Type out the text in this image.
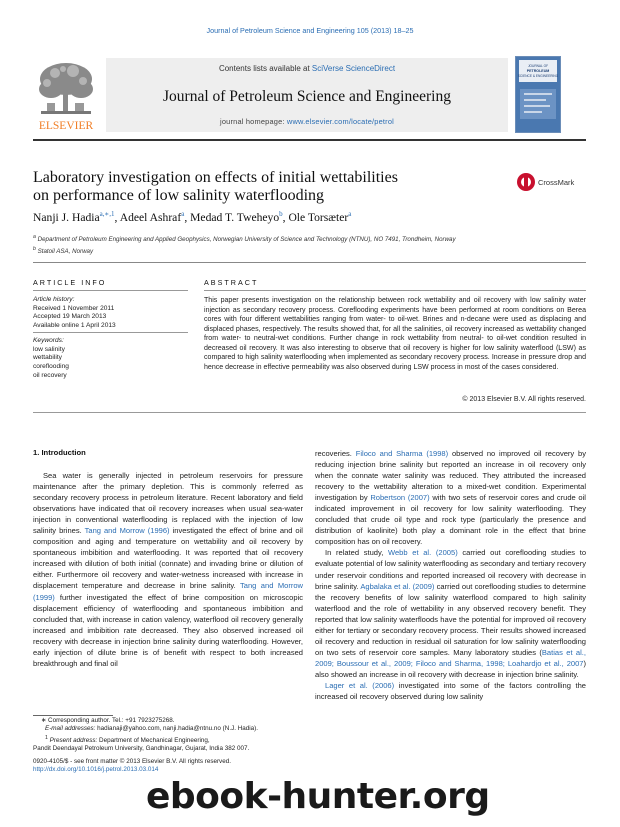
Journal of Petroleum Science and Engineering 105 (2013) 18–25
ELSEVIER
Contents lists available at SciVerse ScienceDirect
Journal of Petroleum Science and Engineering
journal homepage: www.elsevier.com/locate/petrol
JOURNAL OF
PETROLEUM
SCIENCE & ENGINEERING
Laboratory investigation on effects of initial wettabilities
on performance of low salinity waterflooding
CrossMark
Nanji J. Hadia$^{a,∗,1}$, Adeel Ashraf$^a$, Medad T. Tweheyo$^b$, Ole Torsæter$^a$
$^a$ Department of Petroleum Engineering and Applied Geophysics, Norwegian University of Science and Technology (NTNU), NO 7491, Trondheim, Norway
$^b$ Statoil ASA, Norway
ARTICLE INFO	ABSTRACT
Article history:
Received 1 November 2011
Accepted 19 March 2013
Available online 1 April 2013
Keywords:
low salinity
wettability
coreflooding
oil recovery
This paper presents investigation on the relationship between rock wettability and oil recovery with low salinity water injection as secondary recovery process. Coreflooding experiments have been performed at room conditions on Berea cores with four different wettabilities ranging from water- to oil-wet. Brines and n-decane were used as displacing and displaced phases, respectively. The results showed that, for all the salinities, oil recovery increased as wettability changed from water- to neutral-wet conditions. Further change in rock wettability from neutral- to oil-wet condition resulted in decreased oil recovery. It was also interesting to observe that oil recovery is higher for low salinity waterflood (LSW) as compared to high salinity waterflooding when implemented as secondary recovery process. Increase in pressure drop and hence decrease in effective permeability was also observed during LSW process in most of the cases considered.
© 2013 Elsevier B.V. All rights reserved.
1. Introduction

Sea water is generally injected in petroleum reservoirs for pressure maintenance after the primary depletion. This is commonly referred as secondary recovery process in petroleum literature. Recent laboratory and field observations have indicated that oil recovery increases when usual sea-water injection in conventional waterflooding is replaced with the injection of low salinity brines. Tang and Morrow (1996) investigated the effect of brine and oil composition and aging and temperature on wettability and oil recovery by spontaneous imbibition and waterflooding. It was reported that oil recovery increased with dilution of both initial (connate) and invading brine or dilution of either. Furthermore oil recovery and water-wetness increased with increase in displacement temperature and decrease in brine salinity. Tang and Morrow (1999) further investigated the effect of brine composition on microscopic displacement efficiency of waterflooding and spontaneous imbibition and concluded that, with increase in cation valency, waterflood oil recovery generally increased and imbibition rate decreased. They also observed increased oil recovery with decrease in injection brine salinity during waterflooding. However, early injection of dilute brine is of benefit with respect to both increased breakthrough and final oil

recoveries. Filoco and Sharma (1998) observed no improved oil recovery by reducing injection brine salinity but reported an increase in oil recovery only when the connate water salinity was reduced. They attributed the increased recovery to the wettability alteration to a mixed-wet condition. Experimental investigation by Robertson (2007) with two sets of reservoir cores and crude oil indicated improvement in oil recovery for low salinity waterflooding. They concluded that crude oil type and rock type (particularly the presence and distribution of kaolinite) both play a dominant role in the effect that brine composition has on oil recovery.

In related study, Webb et al. (2005) carried out coreflooding studies to evaluate potential of low salinity waterflooding as secondary and tertiary recovery under reservoir conditions and reported increased oil recovery with decrease in brine salinity. Agbalaka et al. (2009) carried out coreflooding studies to determine the recovery benefits of low salinity waterflood compared to high salinity waterflood and the role of wettability in any observed recovery benefit. They reported that low salinity waterfloods have the potential for improved oil recovery either for tertiary or secondary recovery process. Their results showed increased oil recovery and reduction in residual oil saturation for low salinity waterflooding on two sets of reservoir core samples. Many laboratory studies (Batias et al., 2009; Boussour et al., 2009; Filoco and Sharma, 1998; Loahardjo et al., 2007) also showed an increase in oil recovery with decrease in injection brine salinity.

Lager et al. (2006) investigated into some of the factors controlling the increased oil recovery observed during low salinity

∗ Corresponding author. Tel.: +91 7923275268.
E-mail addresses: hadianaji@yahoo.com, nanji.hadia@ntnu.no (N.J. Hadia).
$^1$ Present address: Department of Mechanical Engineering,
Pandit Deendayal Petroleum University, Gandhinagar, Gujarat, India 382 007.
0920-4105/$ - see front matter © 2013 Elsevier B.V. All rights reserved.
http://dx.doi.org/10.1016/j.petrol.2013.03.014
ebook-hunter.org
